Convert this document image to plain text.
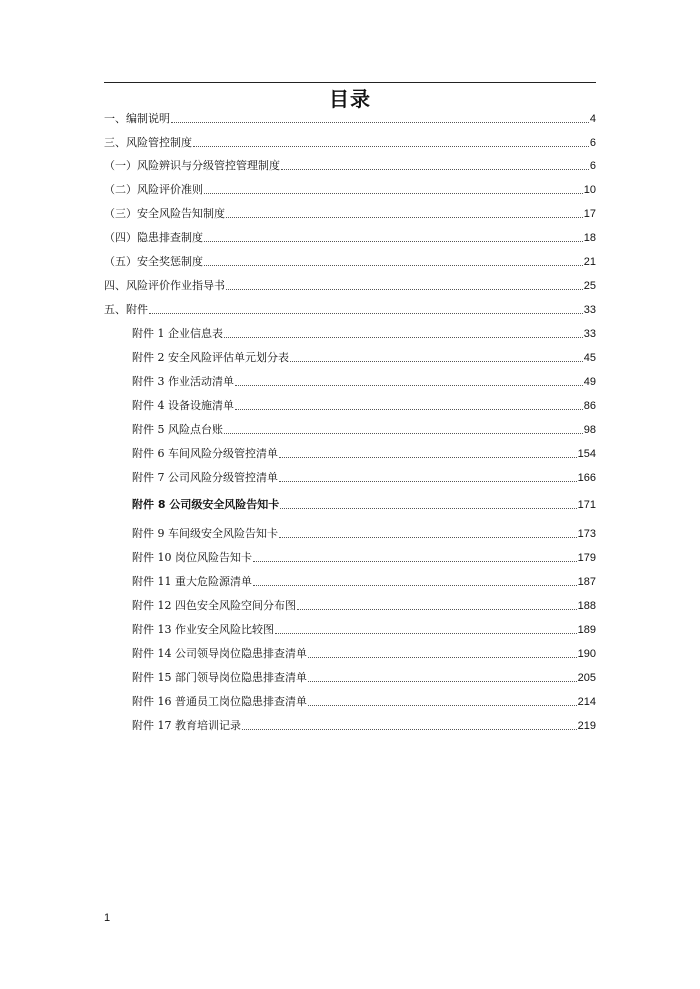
目录
一、编制说明	4
三、风险管控制度	6
（一）风险辨识与分级管控管理制度	6
（二）风险评价准则	10
（三）安全风险告知制度	17
（四）隐患排查制度	18
（五）安全奖惩制度	21
四、风险评价作业指导书	25
五、附件	33
附件 1 企业信息表	33
附件 2 安全风险评估单元划分表	45
附件 3 作业活动清单	49
附件 4 设备设施清单	86
附件 5 风险点台账	98
附件 6 车间风险分级管控清单	154
附件 7 公司风险分级管控清单	166
附件 8 公司级安全风险告知卡	171
附件 9 车间级安全风险告知卡	173
附件 10 岗位风险告知卡	179
附件 11 重大危险源清单	187
附件 12 四色安全风险空间分布图	188
附件 13 作业安全风险比较图	189
附件 14 公司领导岗位隐患排查清单	190
附件 15 部门领导岗位隐患排查清单	205
附件 16 普通员工岗位隐患排查清单	214
附件 17 教育培训记录	219
1
